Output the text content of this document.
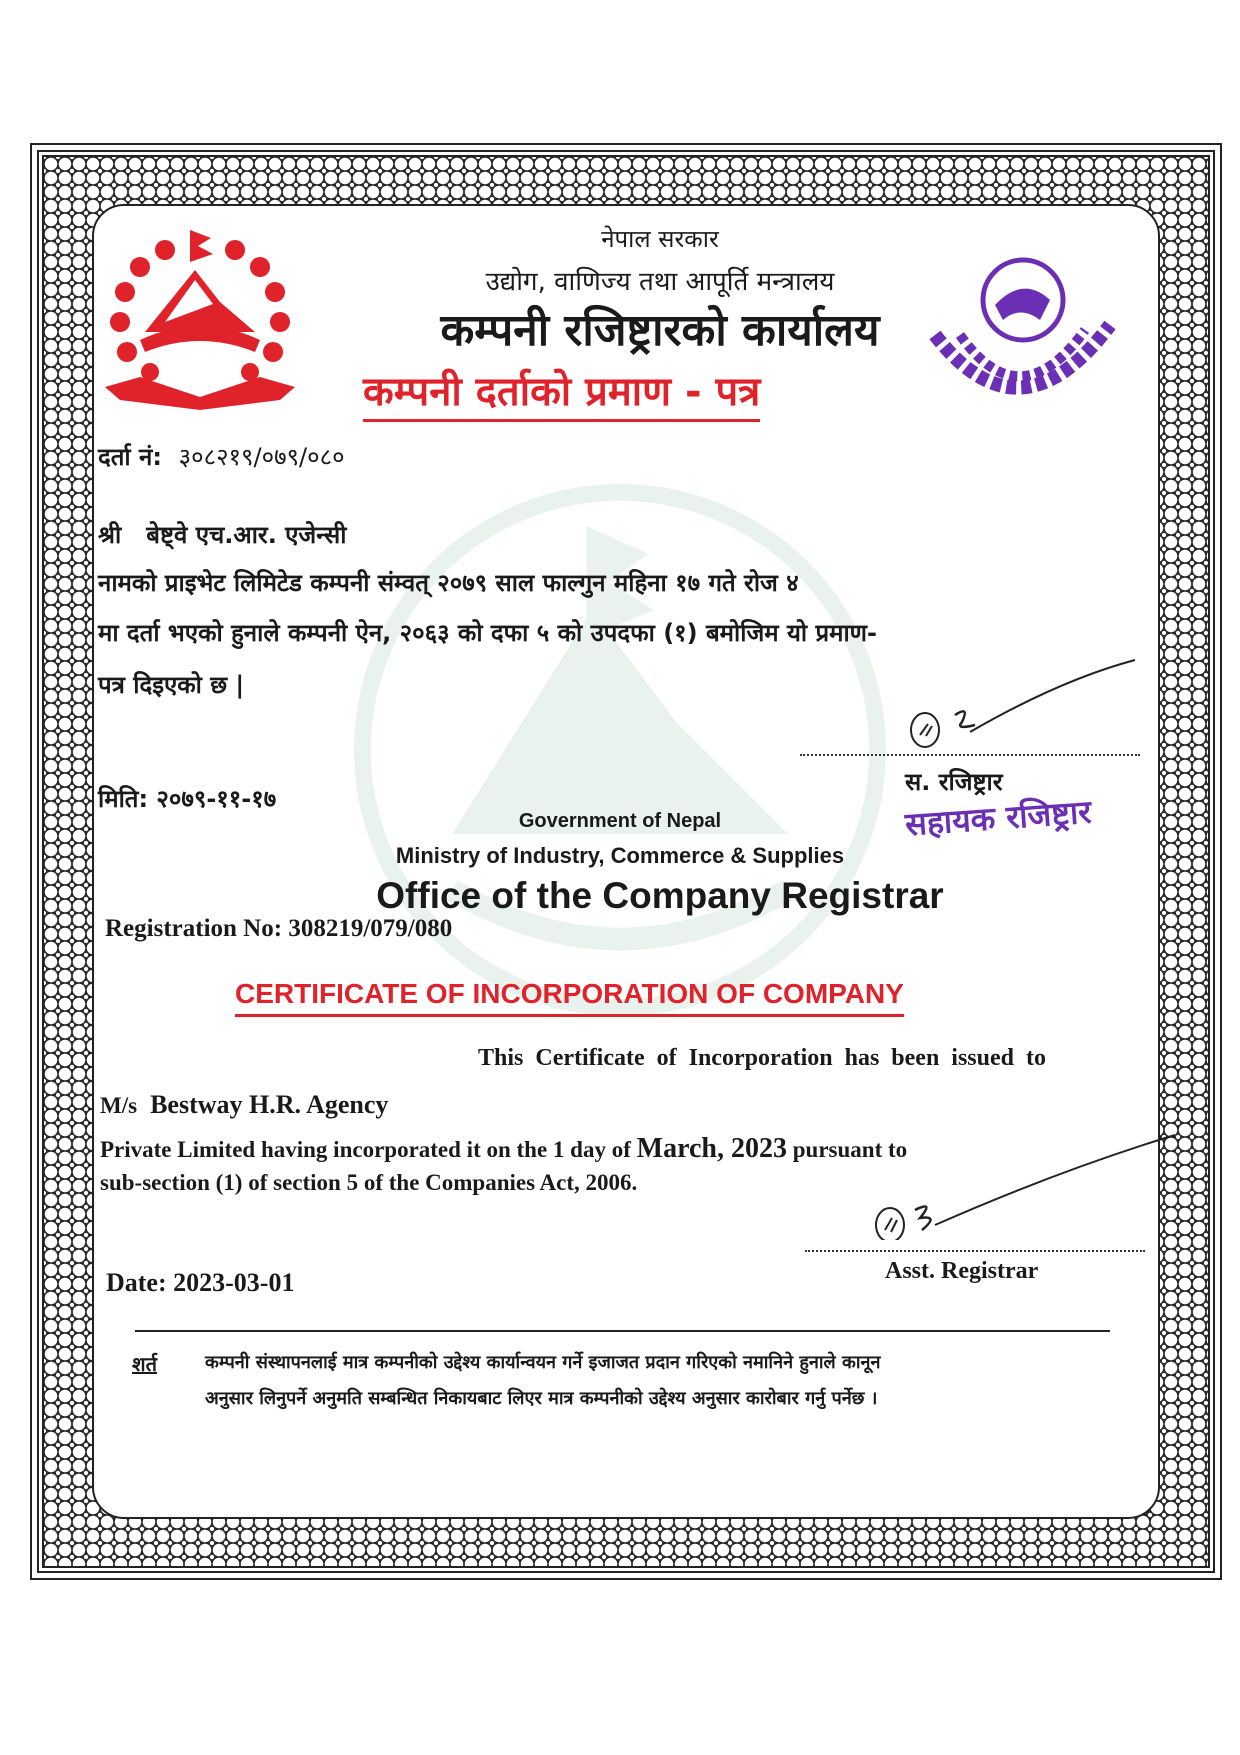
नेपाल सरकार
उद्योग, वाणिज्य तथा आपूर्ति मन्त्रालय
कम्पनी रजिष्ट्रारको कार्यालय
कम्पनी दर्ताको प्रमाण - पत्र
दर्ता नं: ३०८२१९/०७९/०८०
श्री बेष्ट्वे एच.आर. एजेन्सी
नामको प्राइभेट लिमिटेड कम्पनी संम्वत् २०७९ साल फाल्गुन महिना १७ गते रोज ४
मा दर्ता भएको हुनाले कम्पनी ऐन, २०६३ को दफा ५ को उपदफा (१) बमोजिम यो प्रमाण-
पत्र दिइएको छ |
स. रजिष्ट्रार
सहायक रजिष्ट्रार
मिति: २०७९-११-१७
Government of Nepal
Ministry of Industry, Commerce & Supplies
Office of the Company Registrar
Registration No: 308219/079/080
CERTIFICATE OF INCORPORATION OF COMPANY
This Certificate of Incorporation has been issued to
M/s Bestway H.R. Agency
Private Limited having incorporated it on the 1 day of March, 2023 pursuant to
sub-section (1) of section 5 of the Companies Act, 2006.
Asst. Registrar
Date: 2023-03-01
शर्त	कम्पनी संस्थापनलाई मात्र कम्पनीको उद्देश्य कार्यान्वयन गर्ने इजाजत प्रदान गरिएको नमानिने हुनाले कानून
अनुसार लिनुपर्ने अनुमति सम्बन्धित निकायबाट लिएर मात्र कम्पनीको उद्देश्य अनुसार कारोबार गर्नु पर्नेछ ।
